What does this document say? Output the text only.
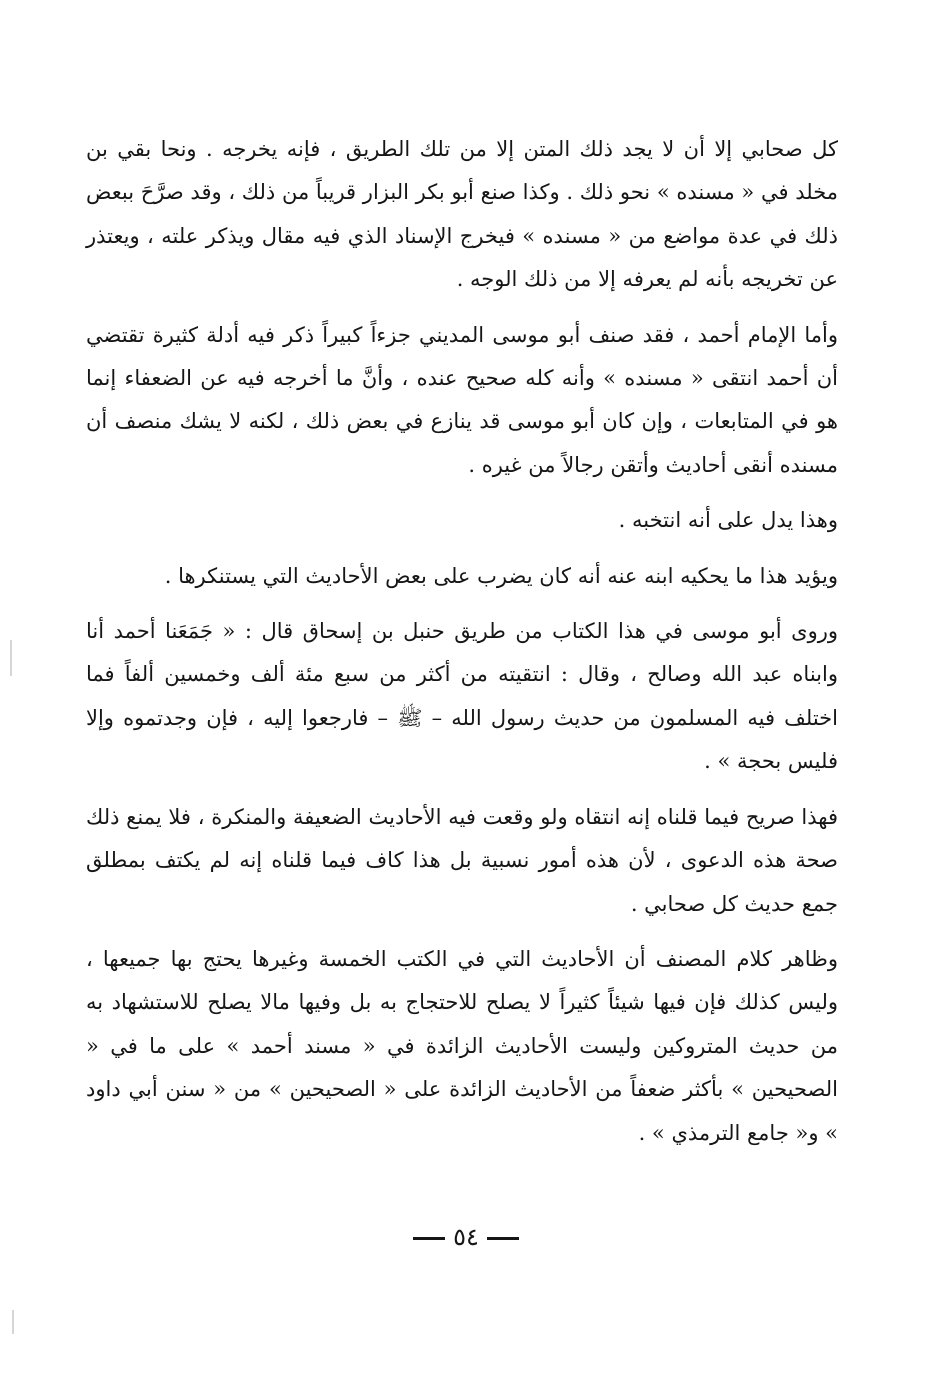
كل صحابي إلا أن لا يجد ذلك المتن إلا من تلك الطريق ، فإنه يخرجه . ونحا بقي بن مخلد في « مسنده » نحو ذلك . وكذا صنع أبو بكر البزار قريباً من ذلك ، وقد صرَّحَ ببعض ذلك في عدة مواضع من « مسنده » فيخرج الإسناد الذي فيه مقال ويذكر علته ، ويعتذر عن تخريجه بأنه لم يعرفه إلا من ذلك الوجه .

وأما الإمام أحمد ، فقد صنف أبو موسى المديني جزءاً كبيراً ذكر فيه أدلة كثيرة تقتضي أن أحمد انتقى « مسنده » وأنه كله صحيح عنده ، وأنَّ ما أخرجه فيه عن الضعفاء إنما هو في المتابعات ، وإن كان أبو موسى قد ينازع في بعض ذلك ، لكنه لا يشك منصف أن مسنده أنقى أحاديث وأتقن رجالاً من غيره .

وهذا يدل على أنه انتخبه .

ويؤيد هذا ما يحكيه ابنه عنه أنه كان يضرب على بعض الأحاديث التي يستنكرها .

وروى أبو موسى في هذا الكتاب من طريق حنبل بن إسحاق قال : « جَمَعَنا أحمد أنا وابناه عبد الله وصالح ، وقال : انتقيته من أكثر من سبع مئة ألف وخمسين ألفاً فما اختلف فيه المسلمون من حديث رسول الله – ﷺ – فارجعوا إليه ، فإن وجدتموه وإلا فليس بحجة » .

فهذا صريح فيما قلناه إنه انتقاه ولو وقعت فيه الأحاديث الضعيفة والمنكرة ، فلا يمنع ذلك صحة هذه الدعوى ، لأن هذه أمور نسبية بل هذا كاف فيما قلناه إنه لم يكتف بمطلق جمع حديث كل صحابي .

وظاهر كلام المصنف أن الأحاديث التي في الكتب الخمسة وغيرها يحتج بها جميعها ، وليس كذلك فإن فيها شيئاً كثيراً لا يصلح للاحتجاج به بل وفيها مالا يصلح للاستشهاد به من حديث المتروكين وليست الأحاديث الزائدة في « مسند أحمد » على ما في « الصحيحين » بأكثر ضعفاً من الأحاديث الزائدة على « الصحيحين » من « سنن أبي داود » و« جامع الترمذي » .

٥٤
